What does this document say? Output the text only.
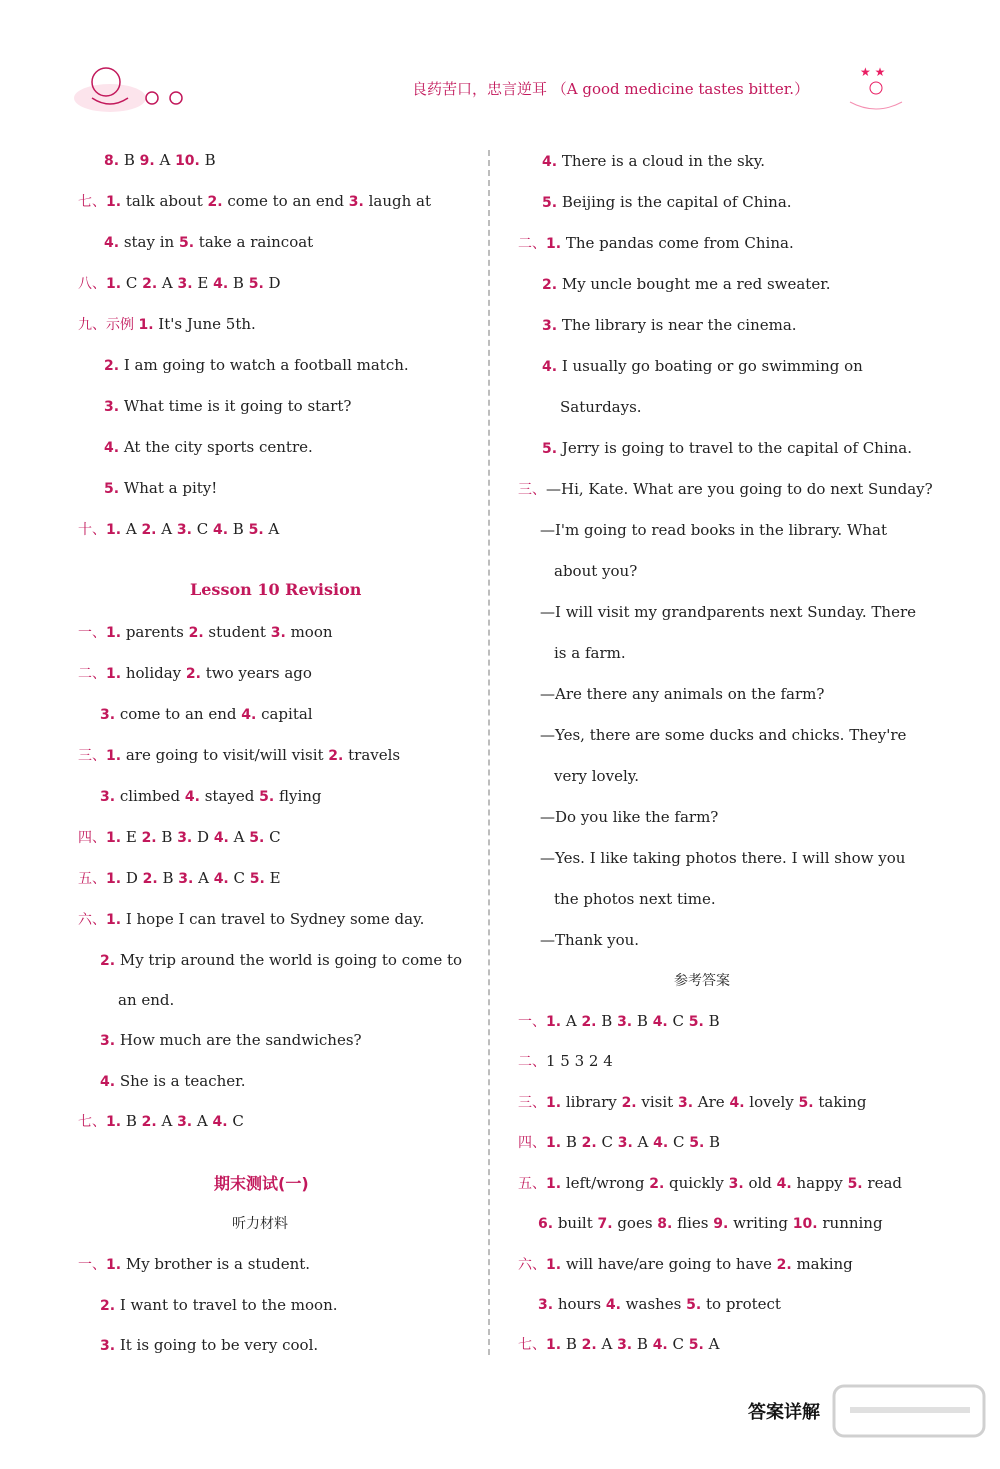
良药苦口，忠言逆耳 （A good medicine tastes bitter.）
★ ★
8. B 9. A 10. B
七、1. talk about 2. come to an end 3. laugh at
4. stay in 5. take a raincoat
八、1. C 2. A 3. E 4. B 5. D
九、示例 1. It's June 5th.
2. I am going to watch a football match.
3. What time is it going to start?
4. At the city sports centre.
5. What a pity!
十、1. A 2. A 3. C 4. B 5. A
一、1. parents 2. student 3. moon
二、1. holiday 2. two years ago
3. come to an end 4. capital
三、1. are going to visit/will visit 2. travels
3. climbed 4. stayed 5. flying
四、1. E 2. B 3. D 4. A 5. C
五、1. D 2. B 3. A 4. C 5. E
六、1. I hope I can travel to Sydney some day.
2. My trip around the world is going to come to
an end.
3. How much are the sandwiches?
4. She is a teacher.
七、1. B 2. A 3. A 4. C
一、1. My brother is a student.
2. I want to travel to the moon.
3. It is going to be very cool.
4. There is a cloud in the sky.
5. Beijing is the capital of China.
二、1. The pandas come from China.
2. My uncle bought me a red sweater.
3. The library is near the cinema.
4. I usually go boating or go swimming on
Saturdays.
5. Jerry is going to travel to the capital of China.
三、—Hi, Kate. What are you going to do next Sunday?
—I'm going to read books in the library. What
about you?
—I will visit my grandparents next Sunday. There
is a farm.
—Are there any animals on the farm?
—Yes, there are some ducks and chicks. They're
very lovely.
—Do you like the farm?
—Yes. I like taking photos there. I will show you
the photos next time.
—Thank you.
一、1. A 2. B 3. B 4. C 5. B
二、1 5 3 2 4
三、1. library 2. visit 3. Are 4. lovely 5. taking
四、1. B 2. C 3. A 4. C 5. B
五、1. left/wrong 2. quickly 3. old 4. happy 5. read
6. built 7. goes 8. flies 9. writing 10. running
六、1. will have/are going to have 2. making
3. hours 4. washes 5. to protect
七、1. B 2. A 3. B 4. C 5. A
Lesson 10 Revision
期末测试(一)
听力材料
参考答案
答案详解
